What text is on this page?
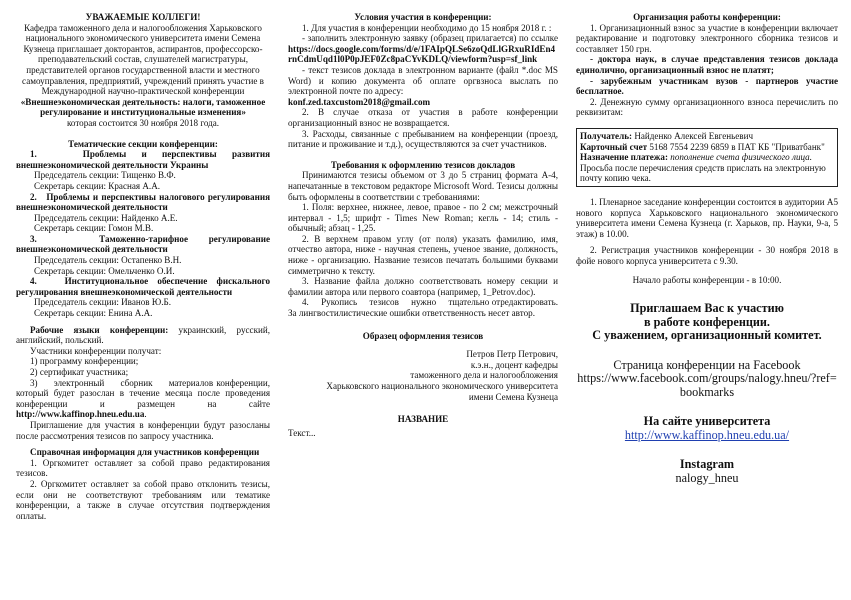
УВАЖАЕМЫЕ КОЛЛЕГИ!

Кафедра таможенного дела и налогообложения Харьковского национального экономического университета имени Семена Кузнеца приглашает докторантов, аспирантов, профессорско-преподавательский состав, слушателей магистратуры, представителей органов государственной власти и местного самоуправления, предприятий, учреждений принять участие в Международной научно-практической конференции

«Внешнеэкономическая деятельность: налоги, таможенное регулирование и институциональные изменения»

которая состоится 30 ноября 2018 года.

Тематические секции конференции:

1.   Проблемы и перспективы развития внешнеэкономической деятельности Украины

Председатель секции: Тищенко В.Ф.

Секретарь секции: Красная А.А.

2.   Проблемы и перспективы налогового регулирования внешнеэкономической деятельности

Председатель секции: Найденко А.Е.

Секретарь секции: Гомон М.В.

3.   Таможенно-тарифное регулирование внешнеэкономической деятельности

Председатель секции: Остапенко В.Н.

Секретарь секции: Омельченко О.И.

4.   Институциональное обеспечение фискального регулирования внешнеэкономической деятельности

Председатель секции: Иванов Ю.Б.

Секретарь секции: Енина А.А.

Рабочие языки конференции: украинский, русский, английский, польский.

Участники конференции получат:

1) программу конференции;

2) сертификат участника;

3)     электронный     сборник     материалов конференции, который будет разослан в течение месяца после проведения конференции и размещен на сайте http://www.kaffinop.hneu.edu.ua.

Приглашение для участия в конференции будут разосланы после рассмотрения тезисов по запросу участника.

Справочная информация для участников конференции

1. Оргкомитет оставляет за собой право редактирования тезисов.

2. Оргкомитет оставляет за собой право отклонить тезисы, если они не соответствуют требованиям или тематике конференции, а также в случае отсутствия подтверждения оплаты.

Условия участия в конференции:

1. Для участия в конференции необходимо до 15 ноября 2018 г. :

- заполнить электронную заявку (образец прилагается) по ссылке https://docs.google.com/forms/d/e/1FAIpQLSe6zoQdLlGRxuRIdEn4rnCdmUqd1l0P0pJEF0Zc8paCYvKDLQ/viewform?usp=sf_link

- текст тезисов доклада в электронном варианте (файл *.doc MS Word) и копию документа об оплате оргвзноса выслать по электронной почте по адресу:

konf.zed.taxcustom2018@gmail.com

2. В случае отказа от участия в работе конференции организационный взнос не возвращается.

3. Расходы, связанные с пребыванием на конференции (проезд, питание и проживание и т.д.), осуществляются за счет участников.

Требования к оформлению тезисов докладов

Принимаются тезисы объемом от 3 до 5 страниц формата А-4, напечатанные в текстовом редакторе Microsoft Word. Тезисы должны быть оформлены в соответствии с требованиями:

1. Поля: верхнее, нижнее, левое, правое - по 2 см; межстрочный интервал - 1,5; шрифт - Times New Roman; кегль - 14; стиль - обычный; абзац - 1,25.

2. В верхнем правом углу (от поля) указать фамилию, имя, отчество автора, ниже - научная степень, ученое звание, должность, ниже - организацию. Название тезисов печатать большими буквами симметрично к тексту.

3. Название файла должно соответствовать номеру секции и фамилии автора или первого соавтора (например, 1_Petrov.doc).

4.     Рукопись     тезисов     нужно     тщательно отредактировать. За лингвостилистические ошибки ответственность несет автор.

Образец оформления тезисов

Петров Петр Петрович,

к.э.н., доцент кафедры

таможенного дела и налогообложения

Харьковского национального экономического университета

имени Семена Кузнеца

НАЗВАНИЕ

Текст...

Организация работы конференции:

1. Организационный взнос за участие в конференции включает редактирование и подготовку электронного сборника тезисов и составляет 150 грн.

- доктора наук, в случае представления тезисов доклада единолично, организационный взнос не платят;

- зарубежным участникам вузов - партнеров участие бесплатное.

2. Денежную сумму организационного взноса перечислить по реквизитам:

Получатель: Найденко Алексей Евгеньевич

Карточный счет 5168 7554 2239 6859 в ПАТ КБ "Приватбанк"

Назначение платежа: пополнение счета физического лица.

Просьба после перечисления средств прислать на электронную почту копию чека.

1. Пленарное заседание конференции состоится в аудитории А5 нового корпуса Харьковского национального экономического университета имени Семена Кузнеца (г. Харьков, пр. Науки, 9-а, 5 этаж) в 10.00.

2. Регистрация участников конференции - 30 ноября 2018 в фойе нового корпуса университета с 9.30.

Начало работы конференции - в 10:00.

Приглашаем Вас к участию

в работе конференции.

С уважением, организационный комитет.

Страница конференции на Facebook

https://www.facebook.com/groups/nalogy.hneu/?ref=bookmarks

На сайте университета

http://www.kaffinop.hneu.edu.ua/

Instagram

nalogy_hneu
